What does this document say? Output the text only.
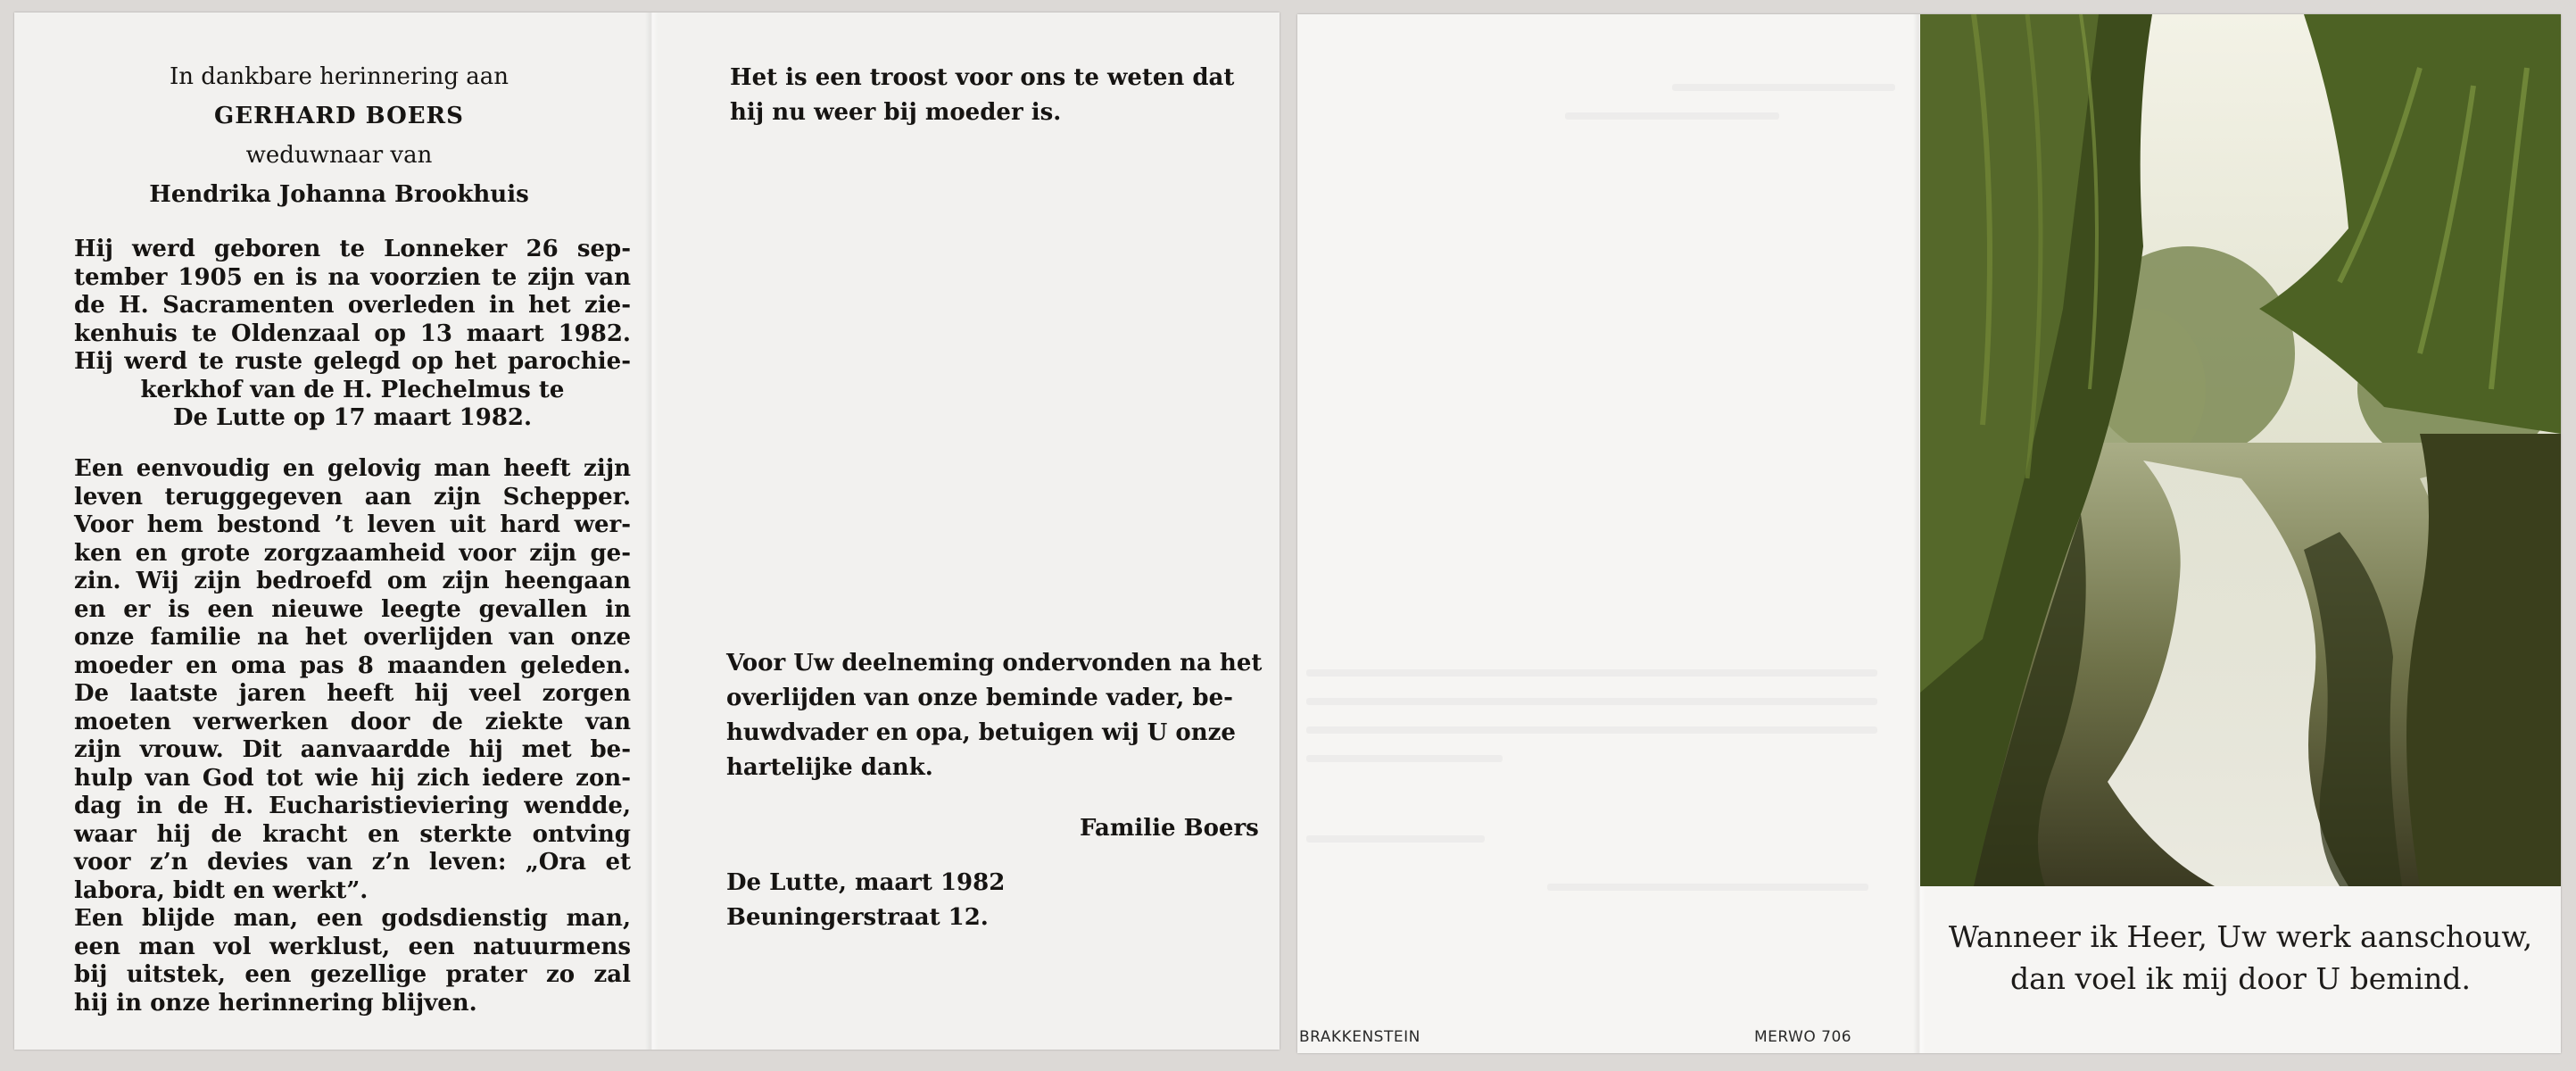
In dankbare herinnering aan
GERHARD BOERS
weduwnaar van
Hendrika Johanna Brookhuis
Hij werd geboren te Lonneker 26 sep-
tember 1905 en is na voorzien te zijn van
de H. Sacramenten overleden in het zie-
kenhuis te Oldenzaal op 13 maart 1982.
Hij werd te ruste gelegd op het parochie-
kerkhof van de H. Plechelmus te
De Lutte op 17 maart 1982.
Een eenvoudig en gelovig man heeft zijn
leven teruggegeven aan zijn Schepper.
Voor hem bestond ’t leven uit hard wer-
ken en grote zorgzaamheid voor zijn ge-
zin. Wij zijn bedroefd om zijn heengaan
en er is een nieuwe leegte gevallen in
onze familie na het overlijden van onze
moeder en oma pas 8 maanden geleden.
De laatste jaren heeft hij veel zorgen
moeten verwerken door de ziekte van
zijn vrouw. Dit aanvaardde hij met be-
hulp van God tot wie hij zich iedere zon-
dag in de H. Eucharistieviering wendde,
waar hij de kracht en sterkte ontving
voor z’n devies van z’n leven: „Ora et
labora, bidt en werkt”.
Een blijde man, een godsdienstig man,
een man vol werklust, een natuurmens
bij uitstek, een gezellige prater zo zal
hij in onze herinnering blijven.
Het is een troost voor ons te weten dat
hij nu weer bij moeder is.
Voor Uw deelneming ondervonden na het
overlijden van onze beminde vader, be-
huwdvader en opa, betuigen wij U onze
hartelijke dank.
Familie Boers
De Lutte, maart 1982
Beuningerstraat 12.
BRAKKENSTEIN	MERWO 706
Wanneer ik Heer, Uw werk aanschouw,
dan voel ik mij door U bemind.
